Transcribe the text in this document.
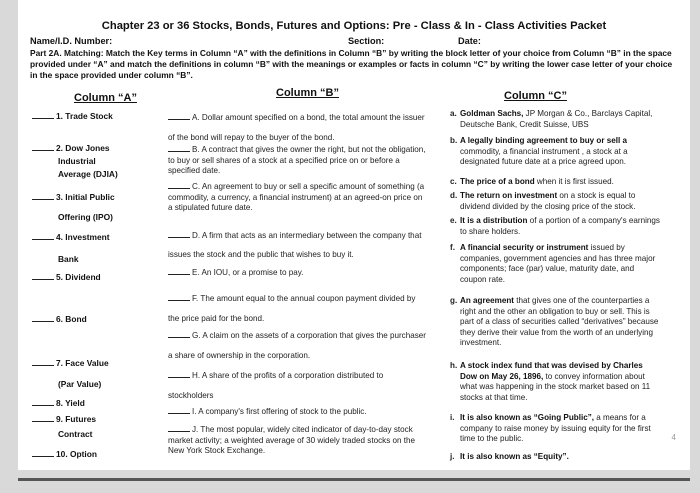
Chapter 23 or 36 Stocks, Bonds, Futures and Options: Pre - Class & In - Class Activities Packet
Name/I.D. Number:	Section:	Date:
Part 2A. Matching: Match the Key terms in Column “A” with the definitions in Column “B” by writing the block letter of your choice from Column “B” in the space provided under “A” and match the definitions in column “B” with the meanings or examples or facts in column “C” by writing the lower case letter of your choice in the space provided under column “B”.
Column “A”	Column “B”	Column “C”
1. Trade Stock
2. Dow Jones
Industrial
Average (DJIA)
3. Initial Public
Offering (IPO)
4. Investment
Bank
5. Dividend
6. Bond
7. Face Value
(Par Value)
8. Yield
9. Futures
Contract
10. Option
A. Dollar amount specified on a bond, the total amount the issuer of the bond will repay to the buyer of the bond.
B. A contract that gives the owner the right, but not the obligation, to buy or sell shares of a stock at a specified price on or before a specified date.
C. An agreement to buy or sell a specific amount of something (a commodity, a currency, a financial instrument) at an agreed-on price on a stipulated future date.
D. A firm that acts as an intermediary between the company that issues the stock and the public that wishes to buy it.
E. An IOU, or a promise to pay.
F. The amount equal to the annual coupon payment divided by the price paid for the bond.
G. A claim on the assets of a corporation that gives the purchaser a share of ownership in the corporation.
H. A share of the profits of a corporation distributed to stockholders
I. A company's first offering of stock to the public.
J. The most popular, widely cited indicator of day-to-day stock market activity; a weighted average of 30 widely traded stocks on the New York Stock Exchange.
a. Goldman Sachs, JP Morgan & Co., Barclays Capital, Deutsche Bank, Credit Suisse, UBS
b. A legally binding agreement to buy or sell a commodity, a financial instrument , a stock at a designated future date at a price agreed upon.
c. The price of a bond when it is first issued.
d. The return on investment on a stock is equal to dividend divided by the closing price of the stock.
e. It is a distribution of a portion of a company's earnings to share holders.
f. A financial security or instrument issued by companies, government agencies and has three major components; face (par) value, maturity date, and coupon rate.
g. An agreement that gives one of the counterparties a right and the other an obligation to buy or sell. This is part of a class of securities called “derivatives” because they derive their value from the worth of an underlying investment.
h. A stock index fund that was devised by Charles Dow on May 26, 1896, to convey information about what was happening in the stock market based on 11 stocks at that time.
i. It is also known as “Going Public”, a means for a company to raise money by issuing equity for the first time to the public.
j. It is also known as “Equity”.
4
